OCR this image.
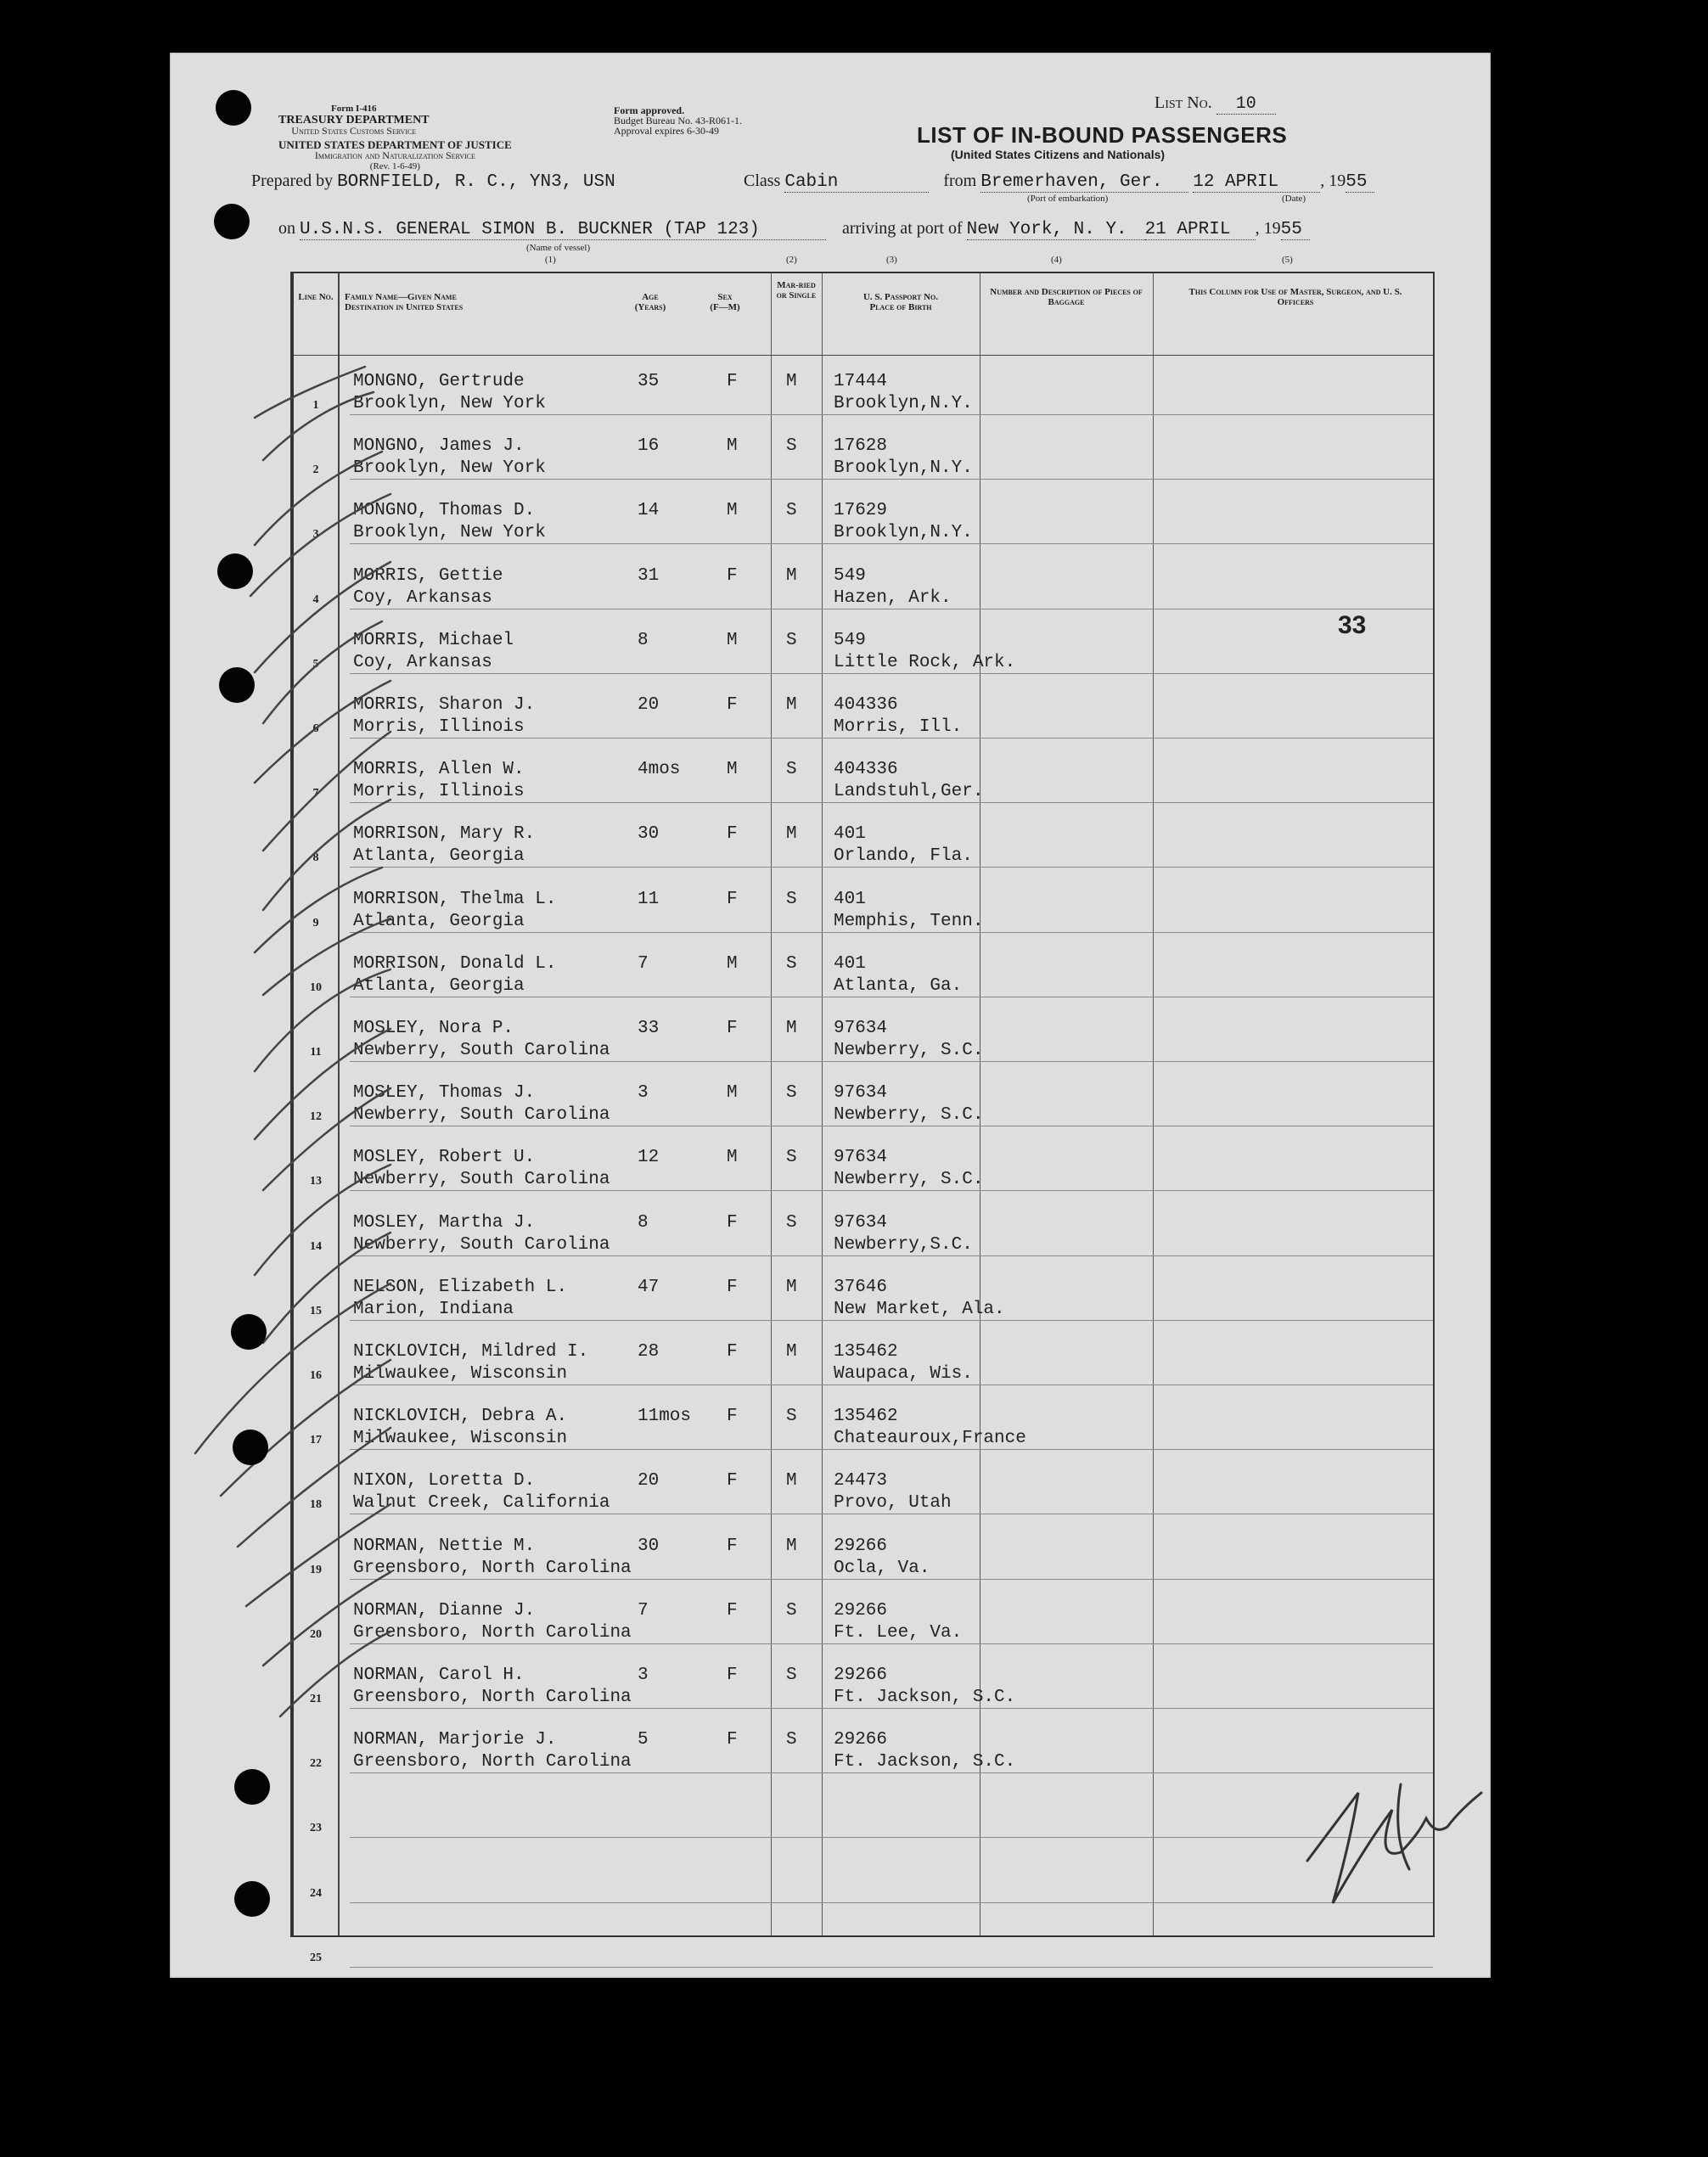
Form I-416
TREASURY DEPARTMENT
United States Customs Service
UNITED STATES DEPARTMENT OF JUSTICE
Immigration and Naturalization Service
(Rev. 1-6-49)
Form approved.
Budget Bureau No. 43-R061-1.
Approval expires 6-30-49
List No. 10
LIST OF IN-BOUND PASSENGERS
(United States Citizens and Nationals)
Prepared by BORNFIELD, R. C., YN3, USN	Class Cabin	from Bremerhaven, Ger. 12 APRIL , 1955
(Port of embarkation)	(Date)
on U.S.N.S. GENERAL SIMON B. BUCKNER (TAP 123)	arriving at port of New York, N. Y. 21 APRIL , 1955
(Name of vessel)
(1)	(2)	(3)	(4)	(5)
Line No.	Family Name—Given Name
Destination in United States
Age
(Years)
Sex
(F—M)
Mar-ried or Single	U. S. Passport No.
Place of Birth
Number and Description of Pieces of Baggage
This Column for Use of Master, Surgeon, and U. S. Officers
1
MONGNO, Gertrude
Brooklyn, New York
35	F	M 17444
Brooklyn,N.Y.
2
MONGNO, James J.
Brooklyn, New York
16	M	S 17628
Brooklyn,N.Y.
3
MONGNO, Thomas D.
Brooklyn, New York
14	M	S 17629
Brooklyn,N.Y.
4
MORRIS, Gettie
Coy, Arkansas
31	F	M 549
Hazen, Ark.
5
MORRIS, Michael
Coy, Arkansas
8	M	S 549
Little Rock, Ark.
6
MORRIS, Sharon J.
Morris, Illinois
20	F	M 404336
Morris, Ill.
7
MORRIS, Allen W.
Morris, Illinois
4mos	M	S 404336
Landstuhl,Ger.
8
MORRISON, Mary R.
Atlanta, Georgia
30	F	M 401
Orlando, Fla.
9
MORRISON, Thelma L.
Atlanta, Georgia
11	F	S 401
Memphis, Tenn.
10
MORRISON, Donald L.
Atlanta, Georgia
7	M	S 401
Atlanta, Ga.
11
MOSLEY, Nora P.
Newberry, South Carolina
33	F	M 97634
Newberry, S.C.
12
MOSLEY, Thomas J.
Newberry, South Carolina
3	M	S 97634
Newberry, S.C.
13
MOSLEY, Robert U.
Newberry, South Carolina
12	M	S 97634
Newberry, S.C.
14
MOSLEY, Martha J.
Newberry, South Carolina
8	F	S 97634
Newberry,S.C.
15
NELSON, Elizabeth L.
Marion, Indiana
47	F	M 37646
New Market, Ala.
16
NICKLOVICH, Mildred I.
Milwaukee, Wisconsin
28	F	M 135462
Waupaca, Wis.
17
NICKLOVICH, Debra A.
Milwaukee, Wisconsin
11mos F	S 135462
Chateauroux,France
18
NIXON, Loretta D.
Walnut Creek, California
20	F	M 24473
Provo, Utah
19
NORMAN, Nettie M.
Greensboro, North Carolina
30	F	M 29266
Ocla, Va.
20
NORMAN, Dianne J.
Greensboro, North Carolina
7	F	S 29266
Ft. Lee, Va.
21
NORMAN, Carol H.
Greensboro, North Carolina
3	F	S 29266
Ft. Jackson, S.C.
22
NORMAN, Marjorie J.
Greensboro, North Carolina
5	F	S 29266
Ft. Jackson, S.C.
23
24
25
33
